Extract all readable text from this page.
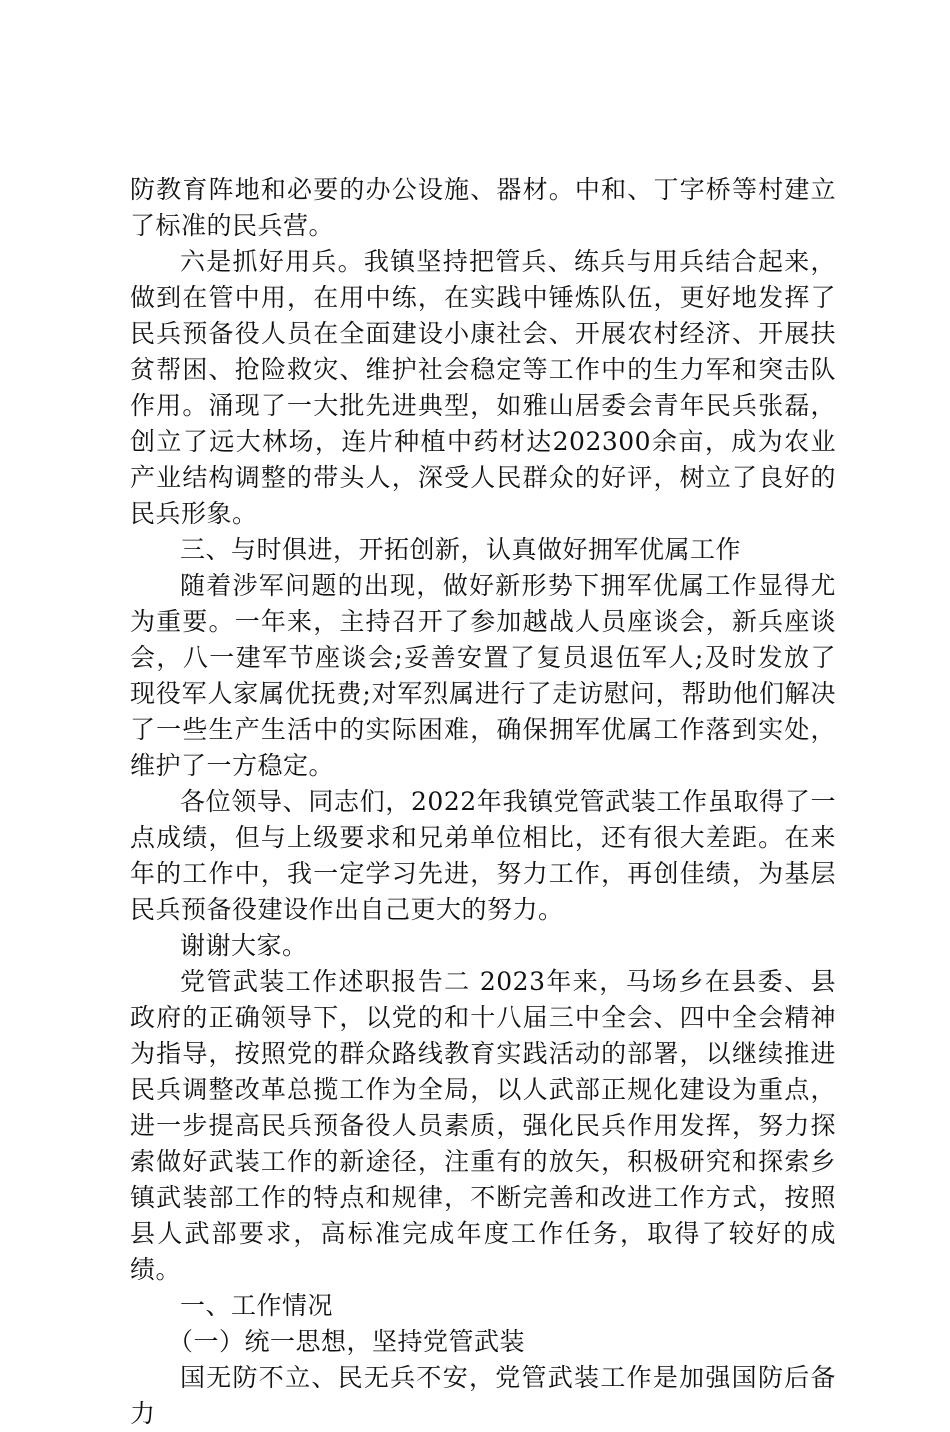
防教育阵地和必要的办公设施、器材。中和、丁字桥等村建立了标准的民兵营。

六是抓好用兵。我镇坚持把管兵、练兵与用兵结合起来，做到在管中用，在用中练，在实践中锤炼队伍，更好地发挥了民兵预备役人员在全面建设小康社会、开展农村经济、开展扶贫帮困、抢险救灾、维护社会稳定等工作中的生力军和突击队作用。涌现了一大批先进典型，如雅山居委会青年民兵张磊，创立了远大林场，连片种植中药材达202300余亩，成为农业产业结构调整的带头人，深受人民群众的好评，树立了良好的民兵形象。

三、与时俱进，开拓创新，认真做好拥军优属工作

随着涉军问题的出现，做好新形势下拥军优属工作显得尤为重要。一年来，主持召开了参加越战人员座谈会，新兵座谈会，八一建军节座谈会;妥善安置了复员退伍军人;及时发放了现役军人家属优抚费;对军烈属进行了走访慰问，帮助他们解决了一些生产生活中的实际困难，确保拥军优属工作落到实处，维护了一方稳定。

各位领导、同志们，2022年我镇党管武装工作虽取得了一点成绩，但与上级要求和兄弟单位相比，还有很大差距。在来年的工作中，我一定学习先进，努力工作，再创佳绩，为基层民兵预备役建设作出自己更大的努力。

谢谢大家。

党管武装工作述职报告二 2023年来，马场乡在县委、县政府的正确领导下，以党的和十八届三中全会、四中全会精神为指导，按照党的群众路线教育实践活动的部署，以继续推进民兵调整改革总揽工作为全局，以人武部正规化建设为重点，进一步提高民兵预备役人员素质，强化民兵作用发挥，努力探索做好武装工作的新途径，注重有的放矢，积极研究和探索乡镇武装部工作的特点和规律，不断完善和改进工作方式，按照县人武部要求，高标准完成年度工作任务，取得了较好的成绩。

一、工作情况

（一）统一思想，坚持党管武装

国无防不立、民无兵不安，党管武装工作是加强国防后备力
